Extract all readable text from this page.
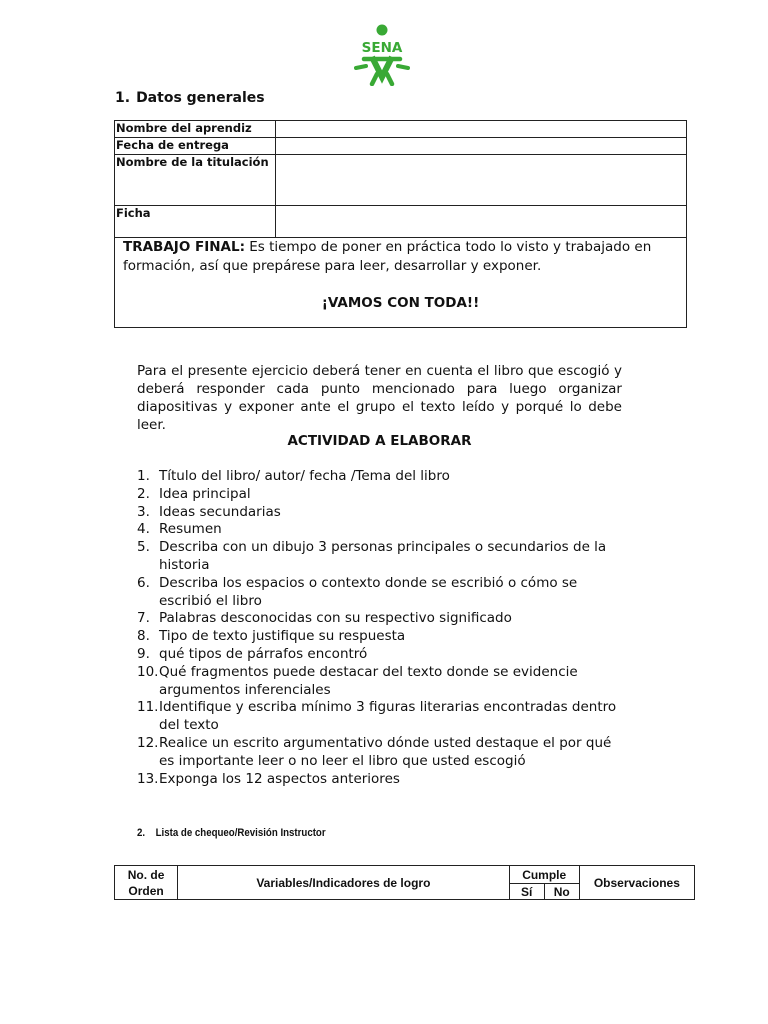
SENA
1. Datos generales
Nombre del aprendiz	
Fecha de entrega	
Nombre de la titulación	
Ficha	

TRABAJO FINAL: Es tiempo de poner en práctica todo lo visto y trabajado en formación, así que prepárese para leer, desarrollar y exponer.
¡VAMOS CON TODA!!	
Para el presente ejercicio deberá tener en cuenta el libro que escogió y deberá responder cada punto mencionado para luego organizar diapositivas y exponer ante el grupo el texto leído y porqué lo debe leer.
ACTIVIDAD A ELABORAR
1. Título del libro/ autor/ fecha /Tema del libro
2. Idea principal
3. Ideas secundarias
4. Resumen
5. Describa con un dibujo 3 personas principales o secundarios de la historia
6. Describa los espacios o contexto donde se escribió o cómo se escribió el libro
7. Palabras desconocidas con su respectivo significado
8. Tipo de texto justifique su respuesta
9. qué tipos de párrafos encontró
10. Qué fragmentos puede destacar del texto donde se evidencie argumentos inferenciales
11. Identifique y escriba mínimo 3 figuras literarias encontradas dentro del texto
12. Realice un escrito argumentativo dónde usted destaque el por qué es importante leer o no leer el libro que usted escogió
13. Exponga los 12 aspectos anteriores
2. Lista de chequeo/Revisión Instructor
No. de Orden	Variables/Indicadores de logro	Cumple		Observaciones
		Sí	No	
